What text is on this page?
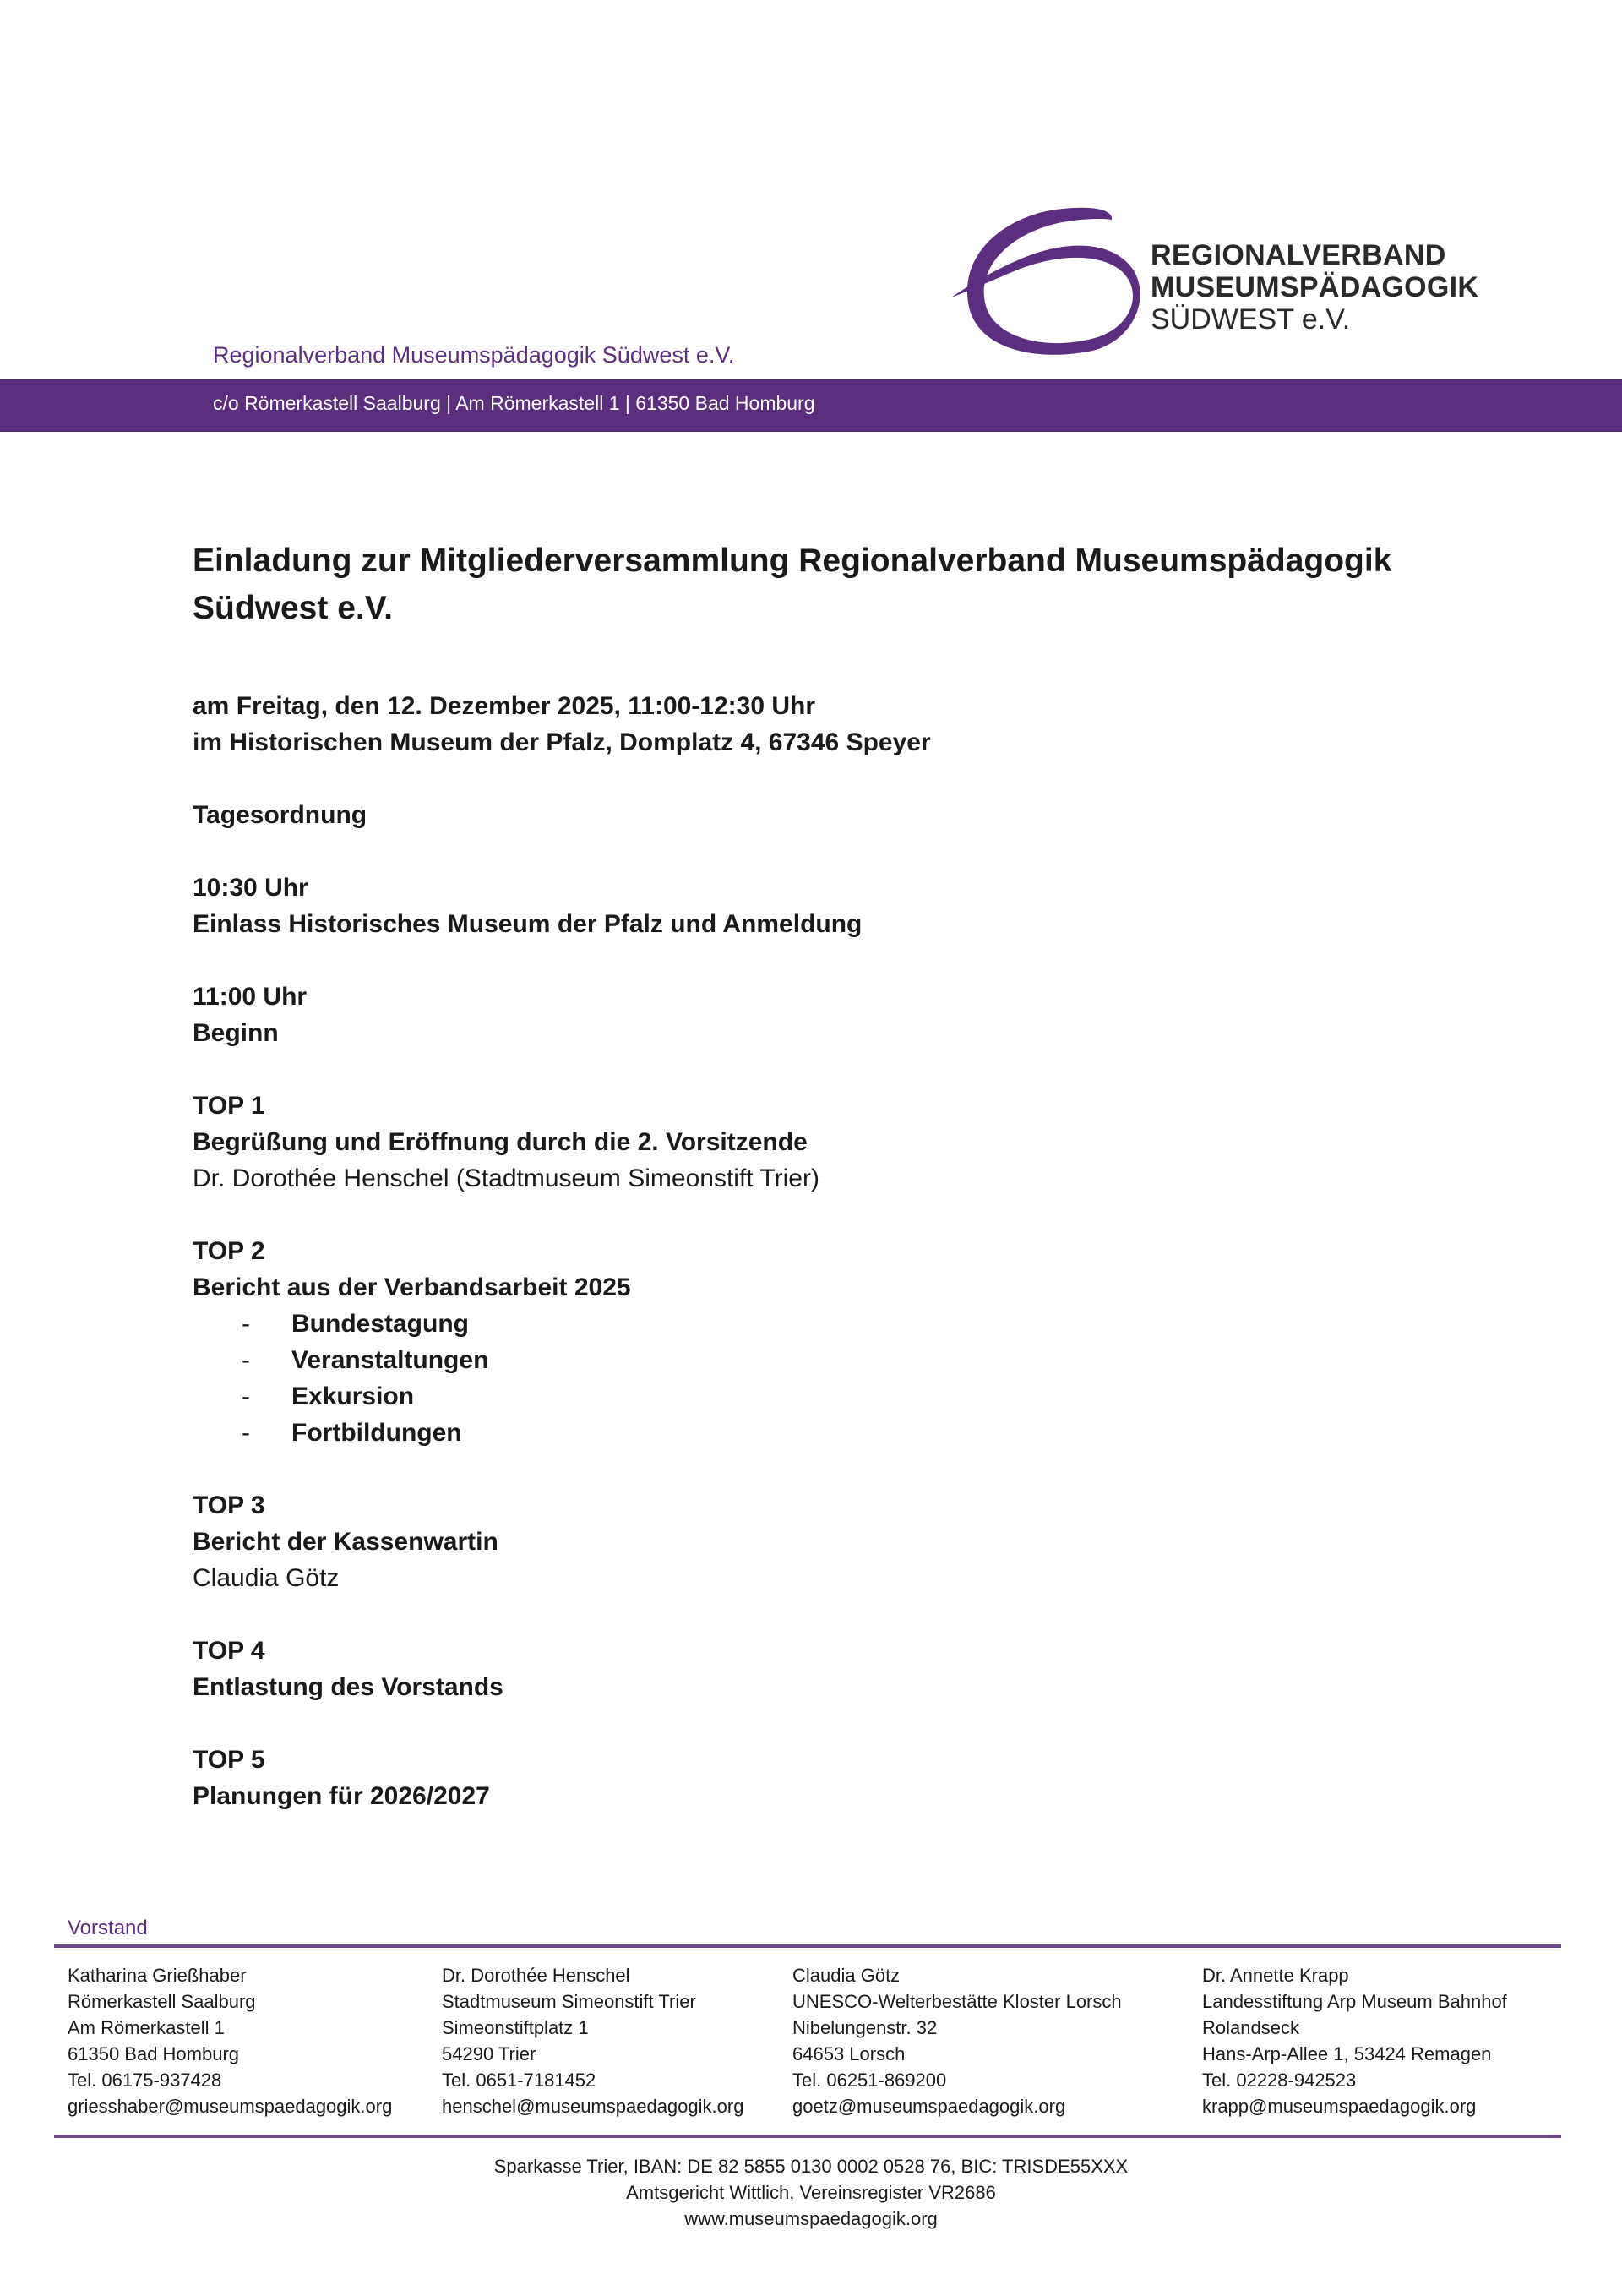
REGIONALVERBAND
MUSEUMSPÄDAGOGIK
SÜDWEST e.V.
Regionalverband Museumspädagogik Südwest e.V.
c/o Römerkastell Saalburg | Am Römerkastell 1 | 61350 Bad Homburg
Einladung zur Mitgliederversammlung Regionalverband Museumspädagogik Südwest e.V.
am Freitag, den 12. Dezember 2025, 11:00-12:30 Uhr
im Historischen Museum der Pfalz, Domplatz 4, 67346 Speyer
Tagesordnung
10:30 Uhr
Einlass Historisches Museum der Pfalz und Anmeldung
11:00 Uhr
Beginn
TOP 1
Begrüßung und Eröffnung durch die 2. Vorsitzende
Dr. Dorothée Henschel (Stadtmuseum Simeonstift Trier)
TOP 2
Bericht aus der Verbandsarbeit 2025
- Bundestagung
- Veranstaltungen
- Exkursion
- Fortbildungen
TOP 3
Bericht der Kassenwartin
Claudia Götz
TOP 4
Entlastung des Vorstands
TOP 5
Planungen für 2026/2027
Vorstand
Katharina Grießhaber
Römerkastell Saalburg
Am Römerkastell 1
61350 Bad Homburg
Tel. 06175-937428
griesshaber@museumspaedagogik.org
Dr. Dorothée Henschel
Stadtmuseum Simeonstift Trier
Simeonstiftplatz 1
54290 Trier
Tel. 0651-7181452
henschel@museumspaedagogik.org
Claudia Götz
UNESCO-Welterbestätte Kloster Lorsch
Nibelungenstr. 32
64653 Lorsch
Tel. 06251-869200
goetz@museumspaedagogik.org
Dr. Annette Krapp
Landesstiftung Arp Museum Bahnhof
Rolandseck
Hans-Arp-Allee 1, 53424 Remagen
Tel. 02228-942523
krapp@museumspaedagogik.org
Sparkasse Trier, IBAN: DE 82 5855 0130 0002 0528 76, BIC: TRISDE55XXX
Amtsgericht Wittlich, Vereinsregister VR2686
www.museumspaedagogik.org
